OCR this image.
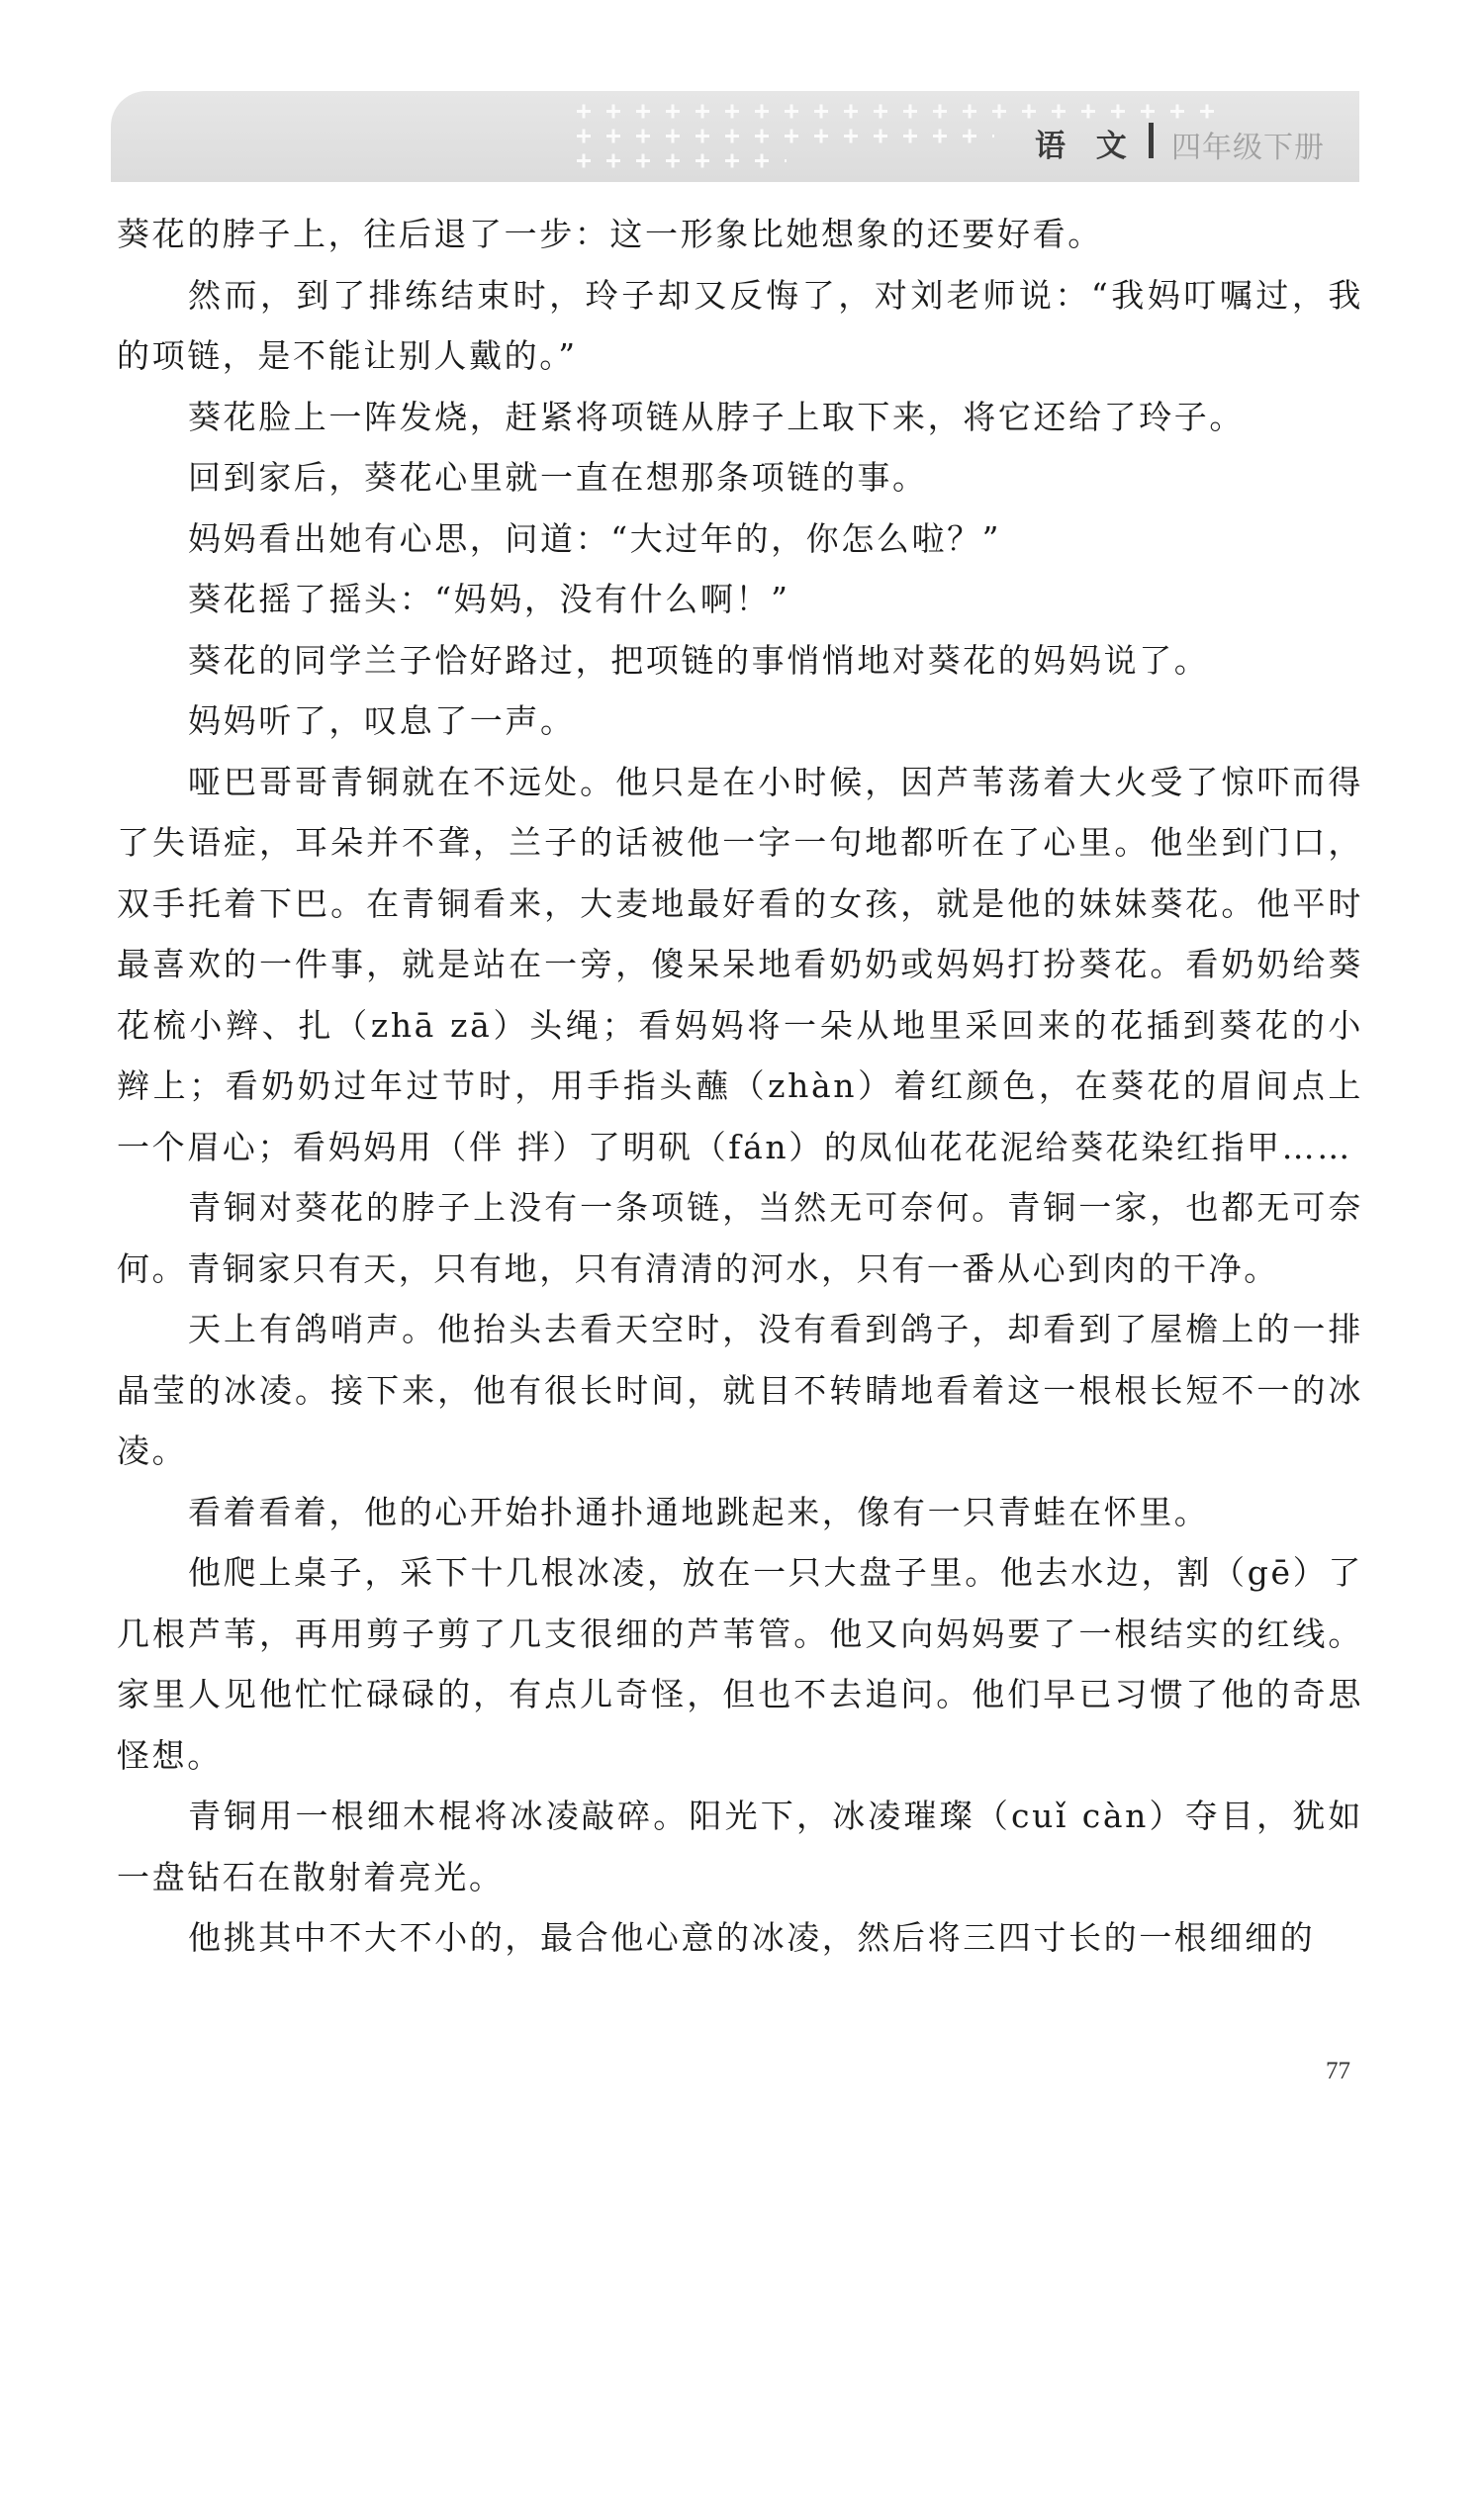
语 文 四年级下册

葵花的脖子上，往后退了一步：这一形象比她想象的还要好看。

然而，到了排练结束时，玲子却又反悔了，对刘老师说：“我妈叮嘱过，我的项链，是不能让别人戴的。”

葵花脸上一阵发烧，赶紧将项链从脖子上取下来，将它还给了玲子。

回到家后，葵花心里就一直在想那条项链的事。

妈妈看出她有心思，问道：“大过年的，你怎么啦？”

葵花摇了摇头：“妈妈，没有什么啊！”

葵花的同学兰子恰好路过，把项链的事悄悄地对葵花的妈妈说了。

妈妈听了，叹息了一声。

哑巴哥哥青铜就在不远处。他只是在小时候，因芦苇荡着大火受了惊吓而得了失语症，耳朵并不聋，兰子的话被他一字一句地都听在了心里。他坐到门口，双手托着下巴。在青铜看来，大麦地最好看的女孩，就是他的妹妹葵花。他平时最喜欢的一件事，就是站在一旁，傻呆呆地看奶奶或妈妈打扮葵花。看奶奶给葵花梳小辫、扎（zhā zā）头绳；看妈妈将一朵从地里采回来的花插到葵花的小辫上；看奶奶过年过节时，用手指头蘸（zhàn）着红颜色，在葵花的眉间点上一个眉心；看妈妈用（伴 拌）了明矾（fán）的凤仙花花泥给葵花染红指甲……

青铜对葵花的脖子上没有一条项链，当然无可奈何。青铜一家，也都无可奈何。青铜家只有天，只有地，只有清清的河水，只有一番从心到肉的干净。

天上有鸽哨声。他抬头去看天空时，没有看到鸽子，却看到了屋檐上的一排晶莹的冰凌。接下来，他有很长时间，就目不转睛地看着这一根根长短不一的冰凌。

看着看着，他的心开始扑通扑通地跳起来，像有一只青蛙在怀里。

他爬上桌子，采下十几根冰凌，放在一只大盘子里。他去水边，割（gē）了几根芦苇，再用剪子剪了几支很细的芦苇管。他又向妈妈要了一根结实的红线。家里人见他忙忙碌碌的，有点儿奇怪，但也不去追问。他们早已习惯了他的奇思怪想。

青铜用一根细木棍将冰凌敲碎。阳光下，冰凌璀璨（cuǐ càn）夺目，犹如一盘钻石在散射着亮光。

他挑其中不大不小的，最合他心意的冰凌，然后将三四寸长的一根细细的

77
